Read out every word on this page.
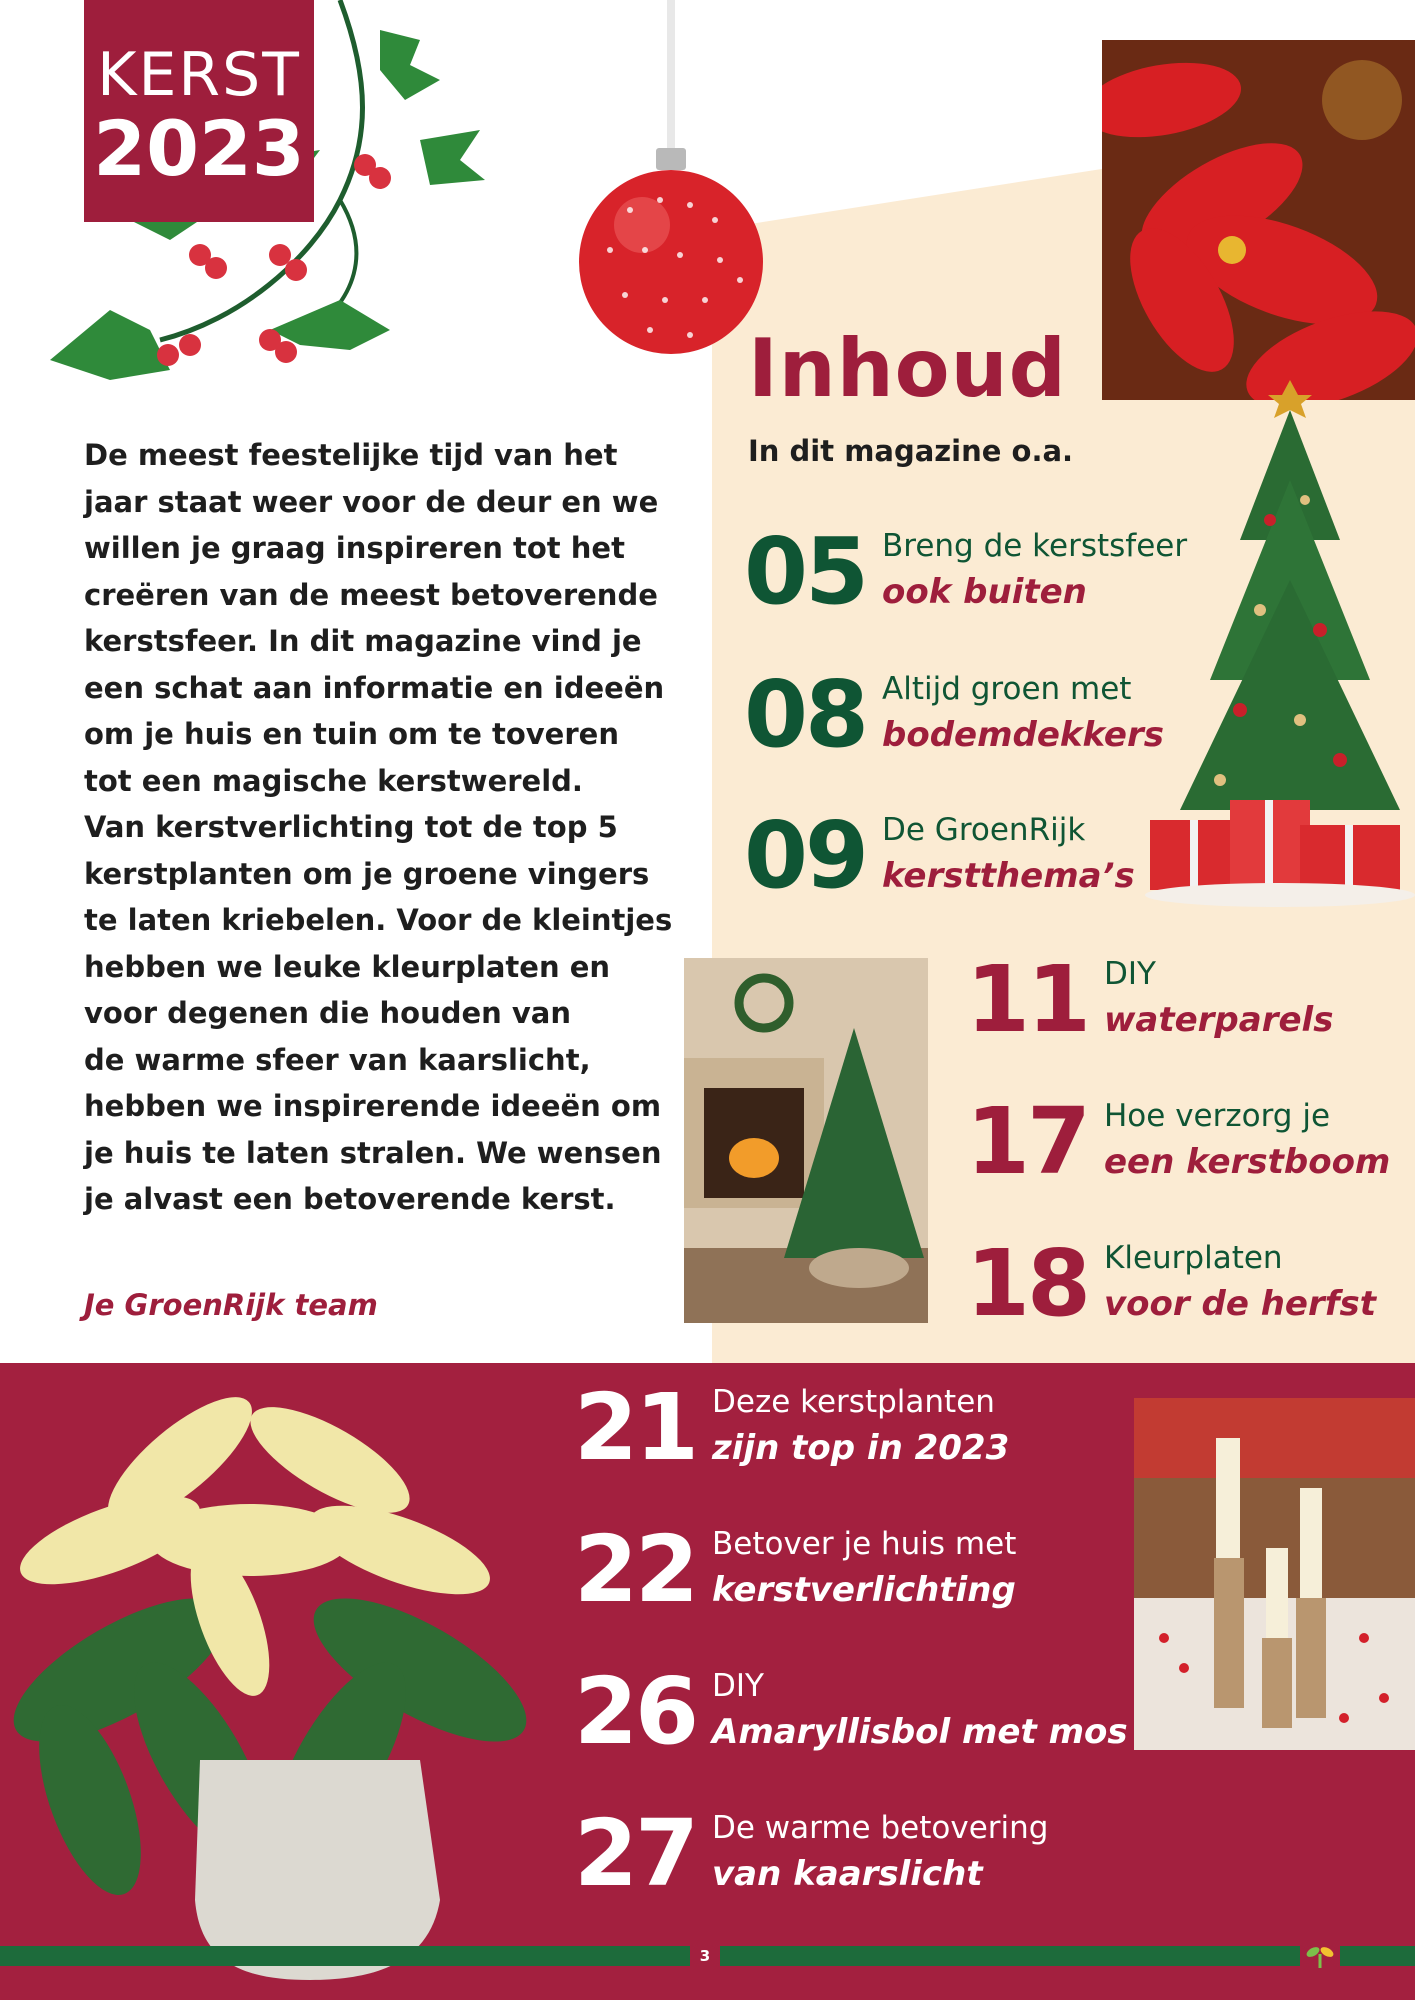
KERST
2023
De meest feestelijke tijd van het
jaar staat weer voor de deur en we
willen je graag inspireren tot het
creëren van de meest betoverende
kerstsfeer. In dit magazine vind je
een schat aan informatie en ideeën
om je huis en tuin om te toveren
tot een magische kerstwereld.
Van kerstverlichting tot de top 5
kerstplanten om je groene vingers
te laten kriebelen. Voor de kleintjes
hebben we leuke kleurplaten en
voor degenen die houden van
de warme sfeer van kaarslicht,
hebben we inspirerende ideeën om
je huis te laten stralen. We wensen
je alvast een betoverende kerst.
Je GroenRijk team
Inhoud
In dit magazine o.a.
05 Breng de kerstsfeer
ook buiten
08 Altijd groen met
bodemdekkers
09 De GroenRijk
kerstthema’s
11 DIY
waterparels
17 Hoe verzorg je
een kerstboom
18 Kleurplaten
voor de herfst
21 Deze kerstplanten
zijn top in 2023
22 Betover je huis met
kerstverlichting
26 DIY
Amaryllisbol met mos
27 De warme betovering
van kaarslicht
3
